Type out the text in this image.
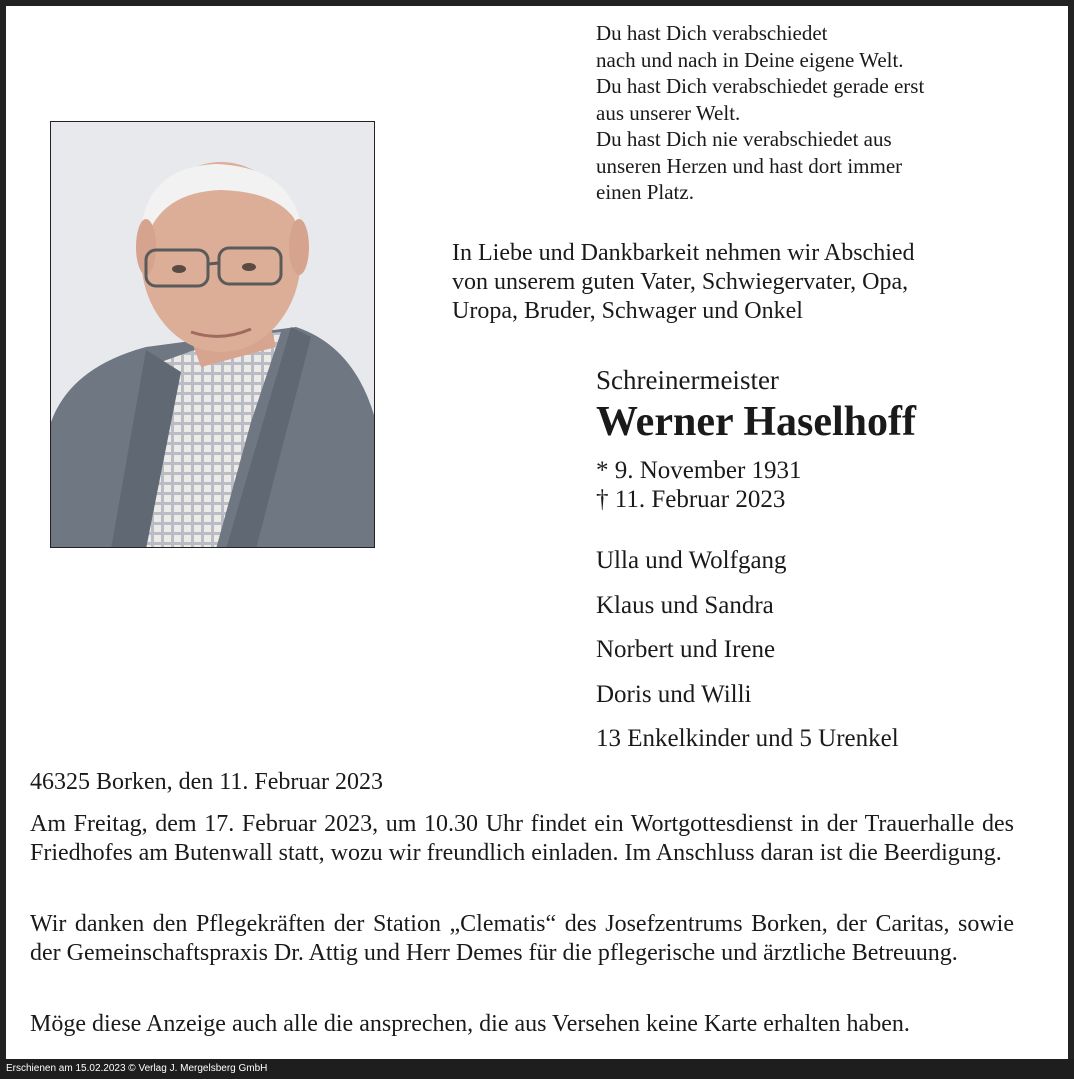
Du hast Dich verabschiedet
nach und nach in Deine eigene Welt.
Du hast Dich verabschiedet gerade erst
aus unserer Welt.
Du hast Dich nie verabschiedet aus
unseren Herzen und hast dort immer
einen Platz.
In Liebe und Dankbarkeit nehmen wir Abschied
von unserem guten Vater, Schwiegervater, Opa,
Uropa, Bruder, Schwager und Onkel
Schreinermeister
Werner Haselhoff
* 9. November 1931
† 11. Februar 2023
Ulla und Wolfgang
Klaus und Sandra
Norbert und Irene
Doris und Willi
13 Enkelkinder und 5 Urenkel
46325 Borken, den 11. Februar 2023
Am Freitag, dem 17. Februar 2023, um 10.30 Uhr findet ein Wortgottesdienst in der Trauerhalle des Friedhofes am Butenwall statt, wozu wir freundlich einladen. Im Anschluss daran ist die Beerdigung.
Wir danken den Pflegekräften der Station „Clematis“ des Josefzentrums Borken, der Caritas, sowie der Gemeinschaftspraxis Dr. Attig und Herr Demes für die pflegerische und ärztliche Betreuung.
Möge diese Anzeige auch alle die ansprechen, die aus Versehen keine Karte erhalten haben.
Erschienen am 15.02.2023 © Verlag J. Mergelsberg GmbH
